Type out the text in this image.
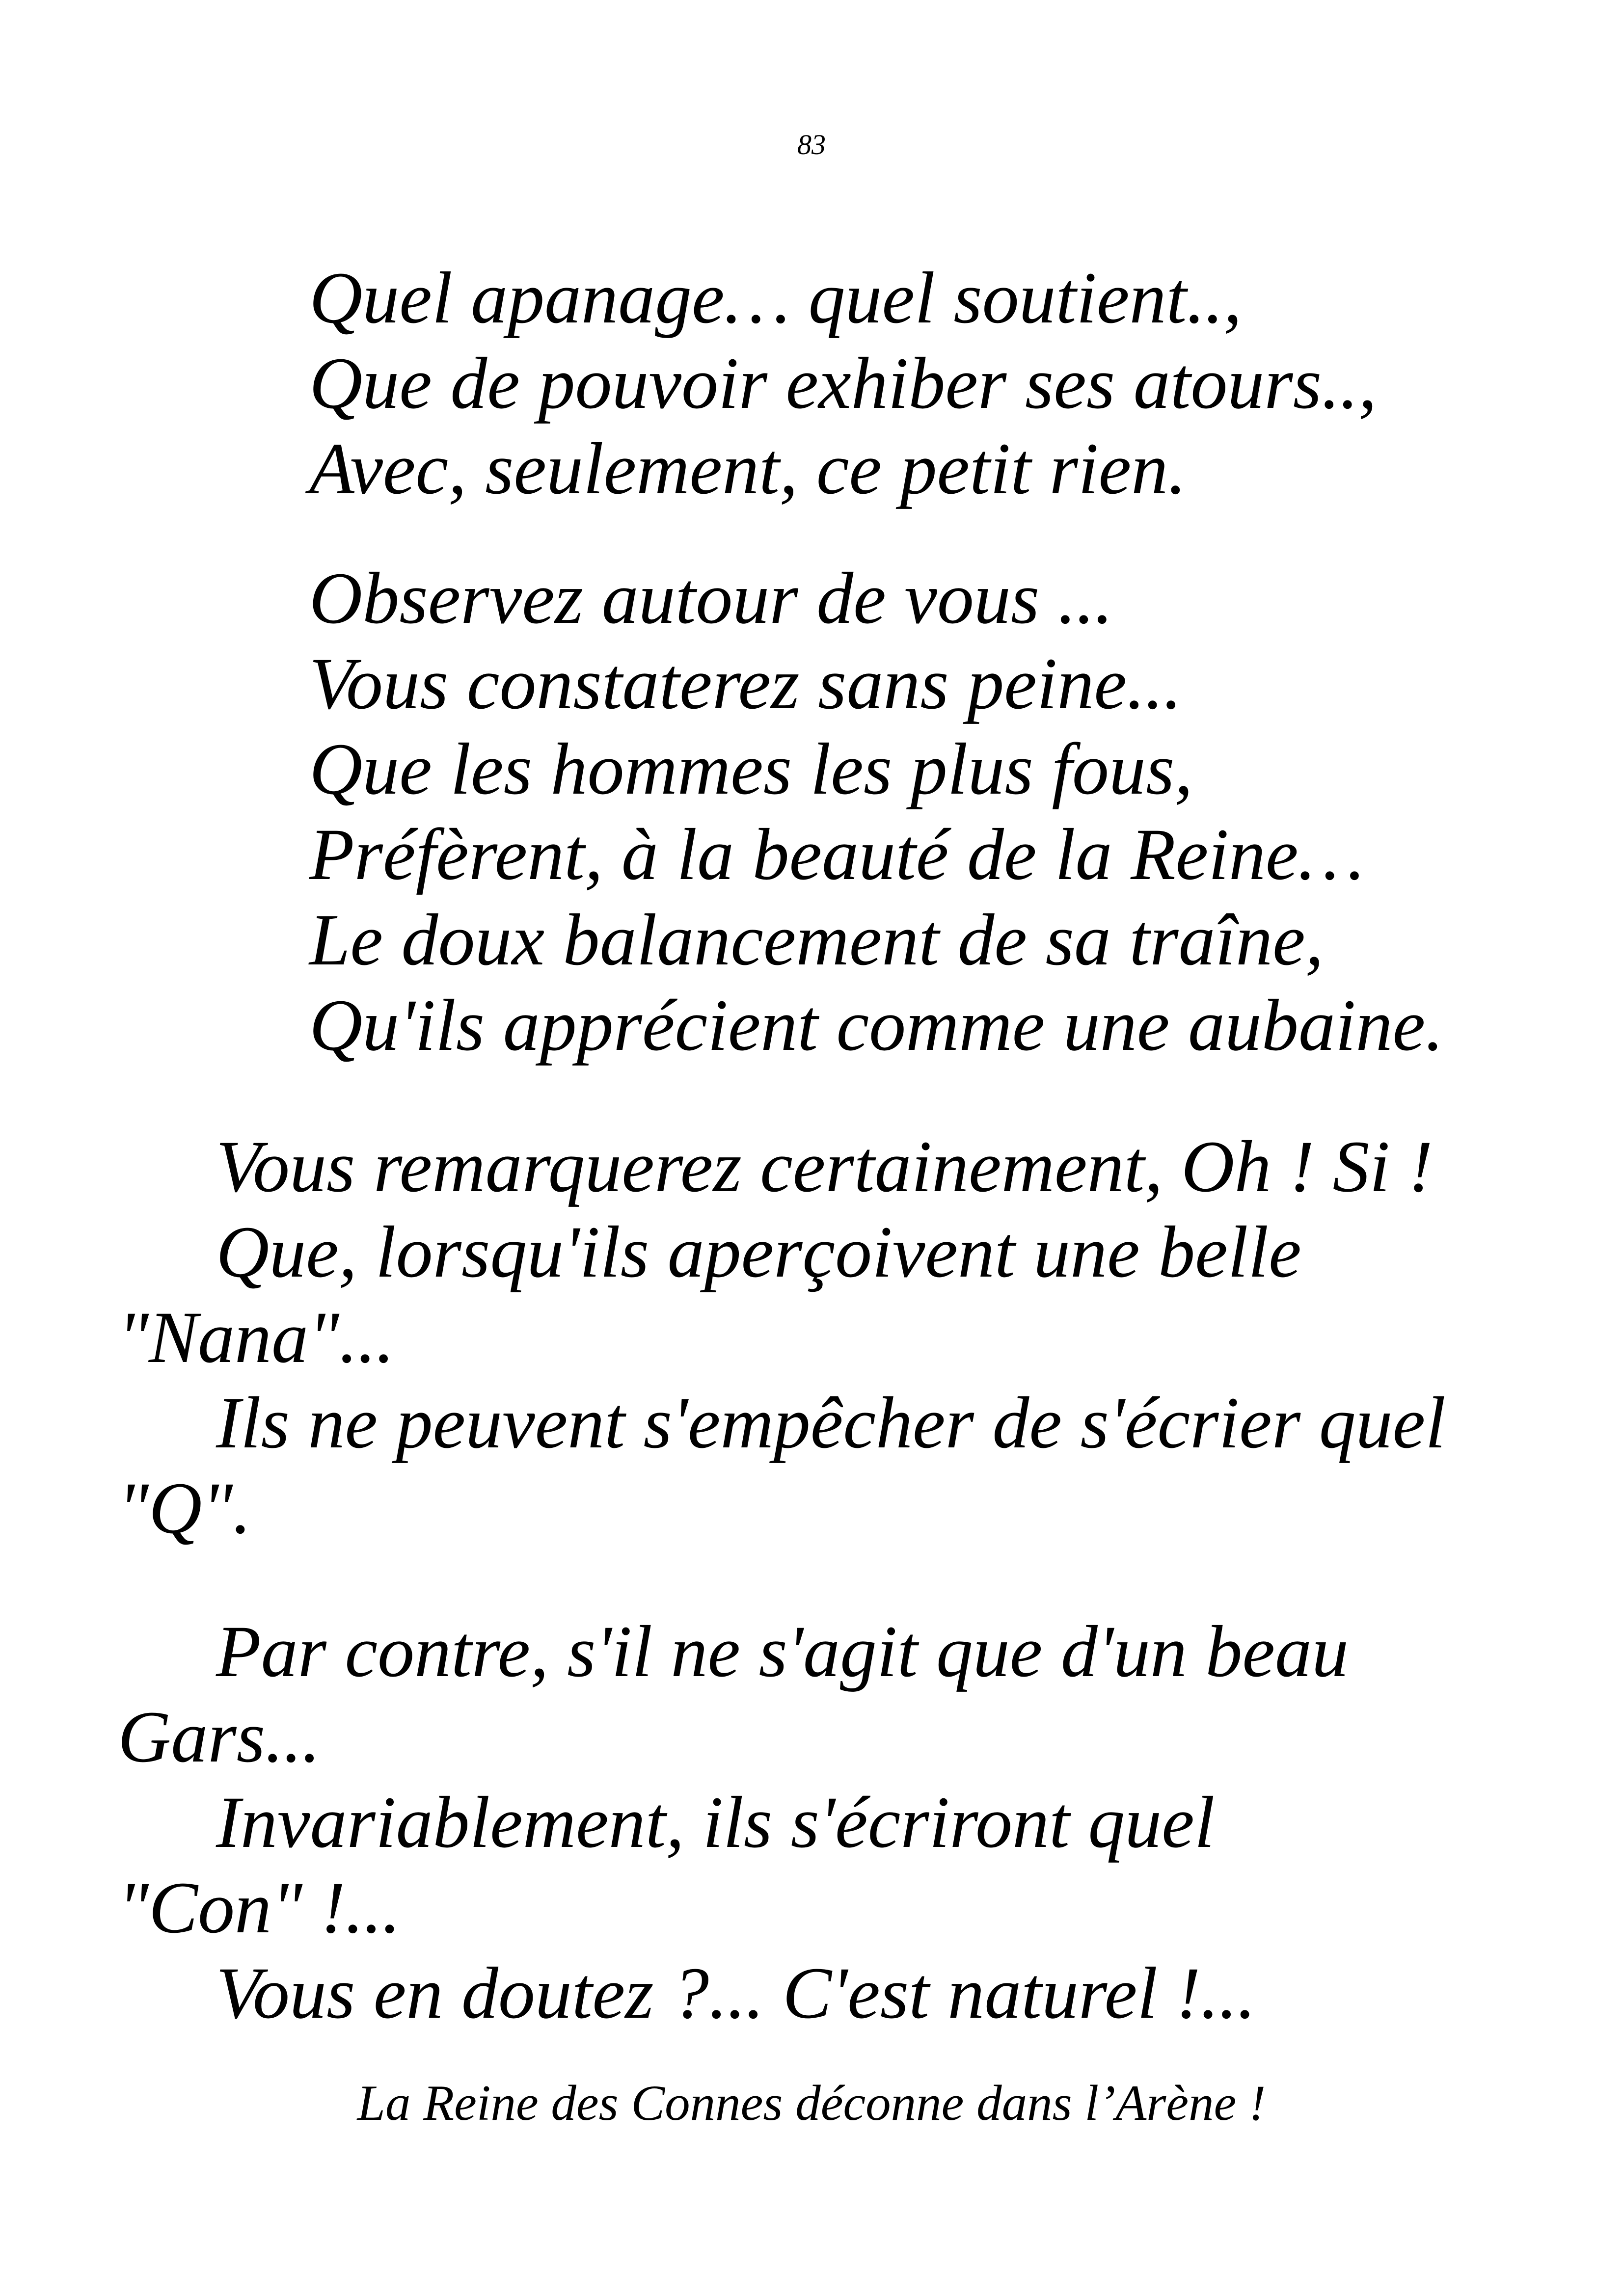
83
Quel apanage… quel soutient..,
Que de pouvoir exhiber ses atours..,
Avec, seulement, ce petit rien.
Observez autour de vous ...
Vous constaterez sans peine...
Que les hommes les plus fous,
Préfèrent, à la beauté de la Reine…
Le doux balancement de sa traîne,
Qu'ils apprécient comme une aubaine.
Vous remarquerez certainement, Oh ! Si !
Que, lorsqu'ils aperçoivent une belle
"Nana"...
Ils ne peuvent s'empêcher de s'écrier quel
"Q".
Par contre, s'il ne s'agit que d'un beau
Gars...
Invariablement, ils s'écriront quel
"Con" !...
Vous en doutez ?... C'est naturel !...
La Reine des Connes déconne dans l’Arène !
